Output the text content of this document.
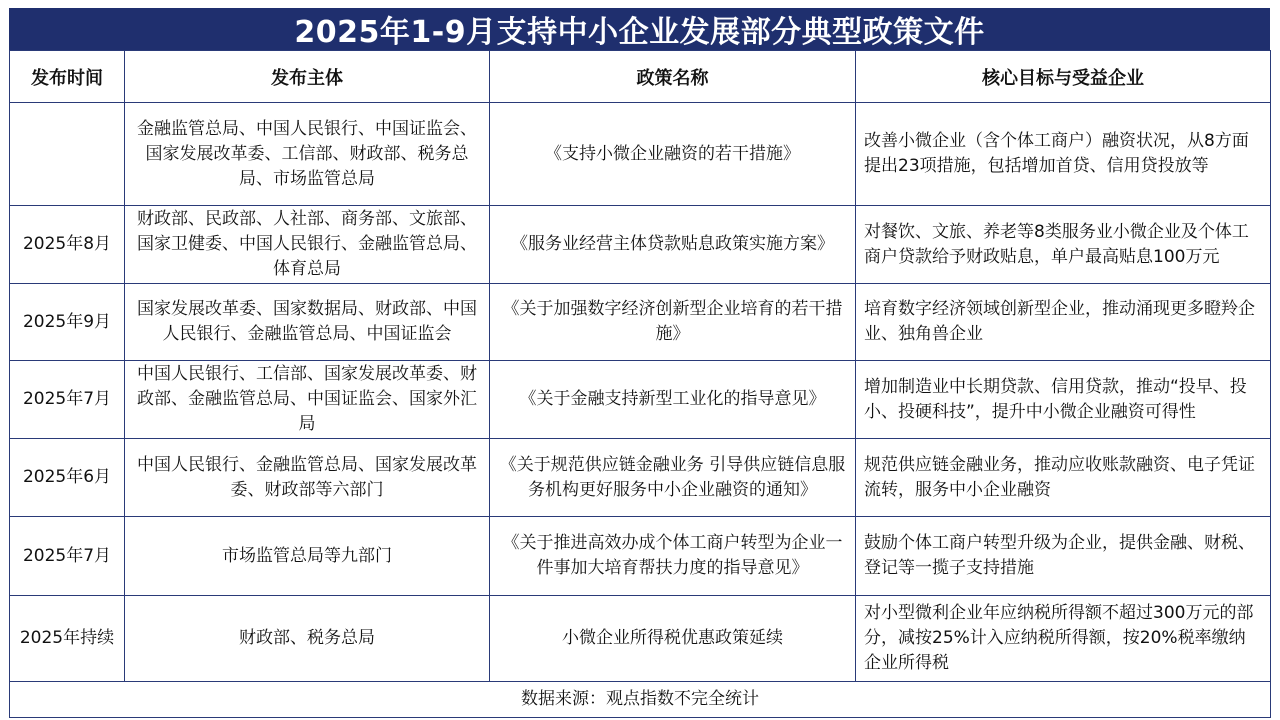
2025年1-9月支持中小企业发展部分典型政策文件
发布时间	发布主体	政策名称	核心目标与受益企业
	金融监管总局、中国人民银行、中国证监会、国家发展改革委、工信部、财政部、税务总局、市场监管总局	《支持小微企业融资的若干措施》	改善小微企业（含个体工商户）融资状况，从8方面提出23项措施，包括增加首贷、信用贷投放等
2025年8月	财政部、民政部、人社部、商务部、文旅部、国家卫健委、中国人民银行、金融监管总局、体育总局	《服务业经营主体贷款贴息政策实施方案》	对餐饮、文旅、养老等8类服务业小微企业及个体工商户贷款给予财政贴息，单户最高贴息100万元
2025年9月	国家发展改革委、国家数据局、财政部、中国人民银行、金融监管总局、中国证监会	《关于加强数字经济创新型企业培育的若干措施》	培育数字经济领域创新型企业，推动涌现更多瞪羚企业、独角兽企业
2025年7月	中国人民银行、工信部、国家发展改革委、财政部、金融监管总局、中国证监会、国家外汇局	《关于金融支持新型工业化的指导意见》	增加制造业中长期贷款、信用贷款，推动“投早、投小、投硬科技”，提升中小微企业融资可得性
2025年6月	中国人民银行、金融监管总局、国家发展改革委、财政部等六部门	《关于规范供应链金融业务 引导供应链信息服务机构更好服务中小企业融资的通知》	规范供应链金融业务，推动应收账款融资、电子凭证流转，服务中小企业融资
2025年7月	市场监管总局等九部门	《关于推进高效办成个体工商户转型为企业一件事加大培育帮扶力度的指导意见》	鼓励个体工商户转型升级为企业，提供金融、财税、登记等一揽子支持措施
2025年持续	财政部、税务总局	小微企业所得税优惠政策延续	对小型微利企业年应纳税所得额不超过300万元的部分，减按25%计入应纳税所得额，按20%税率缴纳企业所得税
数据来源：观点指数不完全统计			
